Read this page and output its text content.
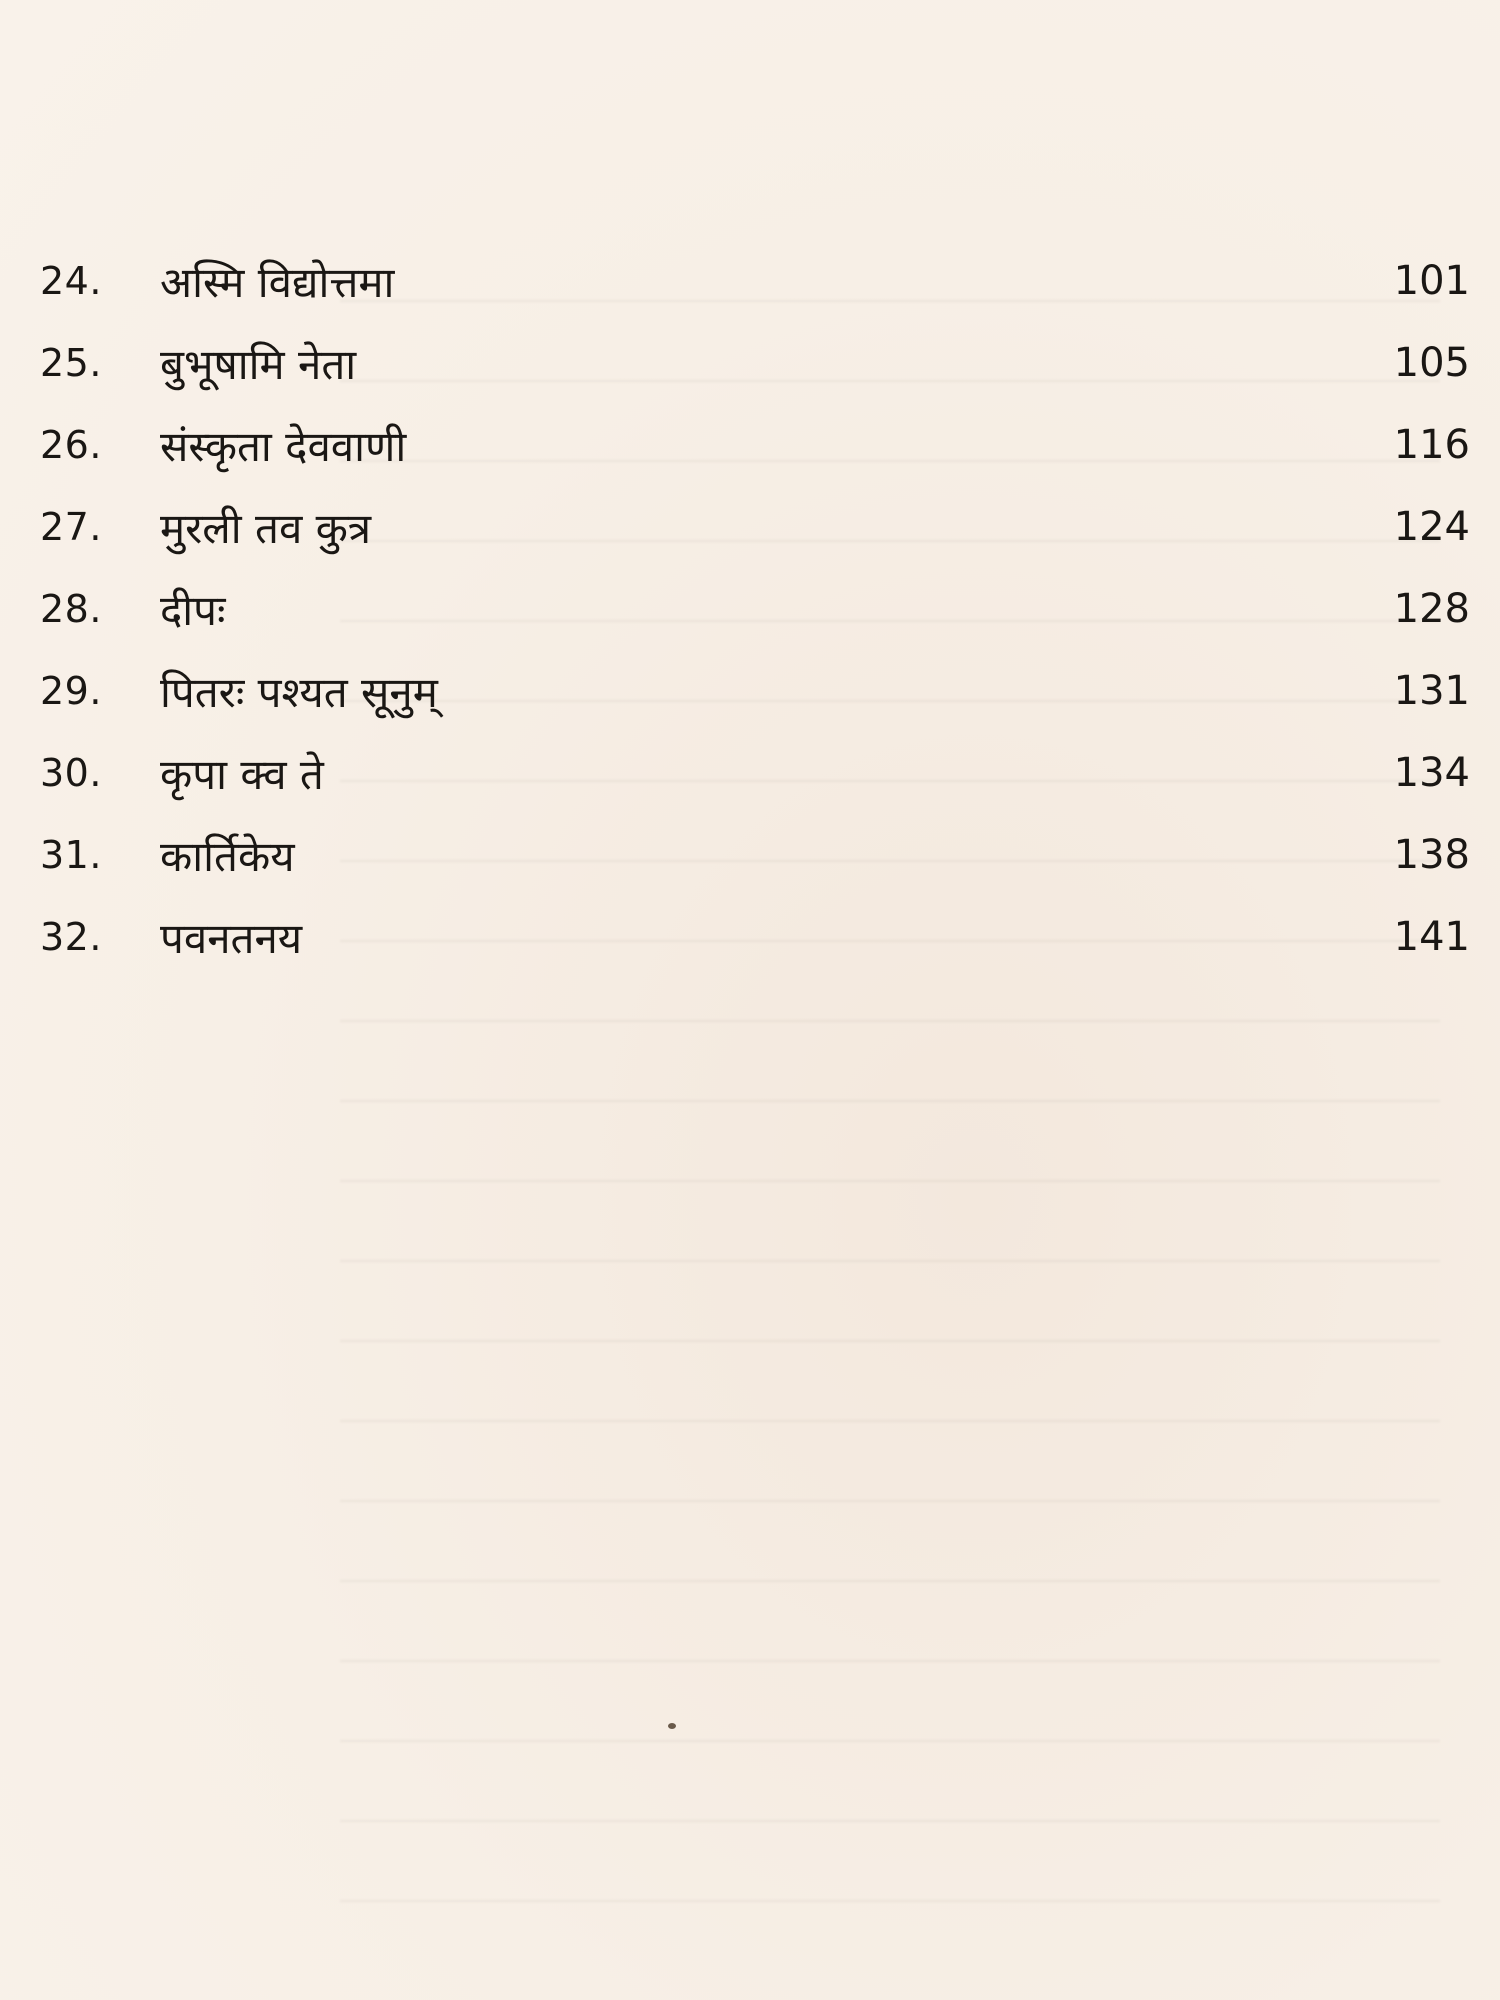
24.	अस्मि विद्योत्तमा	101
25.	बुभूषामि नेता	105
26.	संस्कृता देववाणी	116
27.	मुरली तव कुत्र	124
28.	दीपः	128
29.	पितरः पश्यत सूनुम्	131
30.	कृपा क्व ते	134
31.	कार्तिकेय	138
32.	पवनतनय	141
